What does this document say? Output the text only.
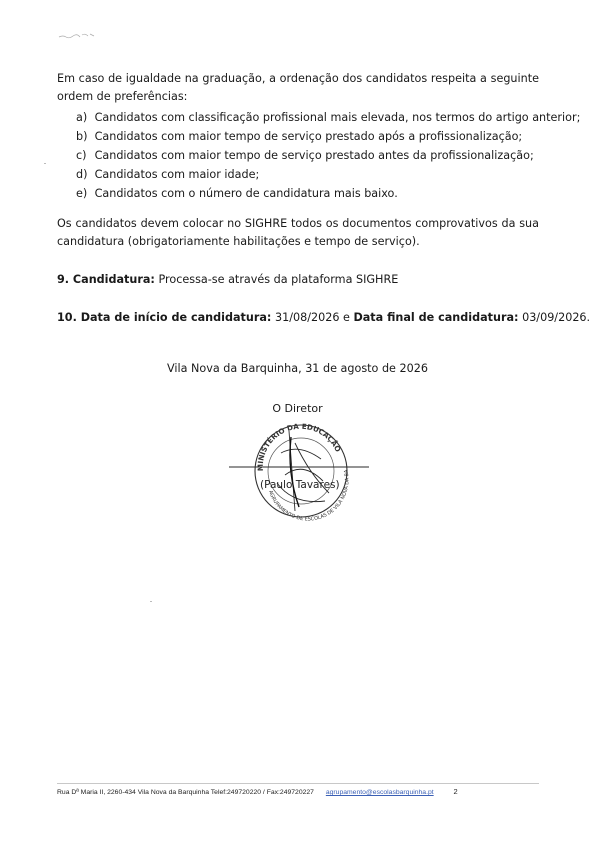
Em caso de igualdade na graduação, a ordenação dos candidatos respeita a seguinte ordem de preferências:
a) Candidatos com classificação profissional mais elevada, nos termos do artigo anterior;
b) Candidatos com maior tempo de serviço prestado após a profissionalização;
c) Candidatos com maior tempo de serviço prestado antes da profissionalização;
d) Candidatos com maior idade;
e) Candidatos com o número de candidatura mais baixo.
Os candidatos devem colocar no SIGHRE todos os documentos comprovativos da sua candidatura (obrigatoriamente habilitações e tempo de serviço).
9. Candidatura: Processa-se através da plataforma SIGHRE
10. Data de início de candidatura: 31/08/2026 e Data final de candidatura: 03/09/2026.
Vila Nova da Barquinha, 31 de agosto de 2026
O Diretor
MINISTÉRIO DA EDUCAÇÃO
AGRUPAMENTO DE ESCOLAS DE VILA NOVA DA BA
(Paulo Tavares)
Rua Dª Maria II, 2260-434 Vila Nova da Barquinha Telef:249720220 / Fax:249720227 agrupamento@escolasbarquinha.pt	2
